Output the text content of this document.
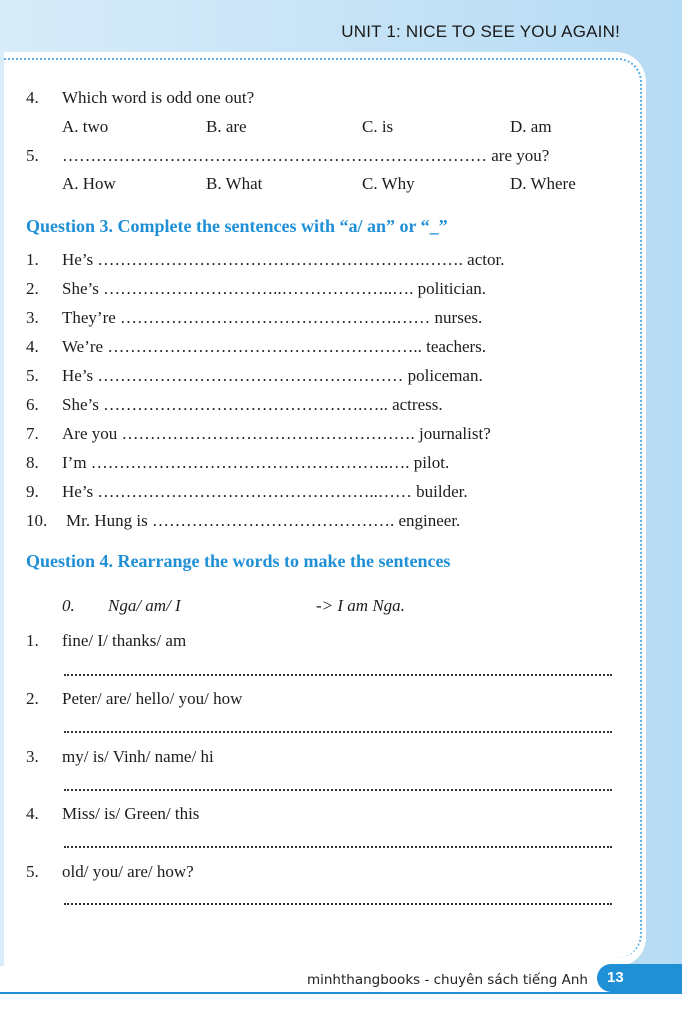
UNIT 1: NICE TO SEE YOU AGAIN!
4. Which word is odd one out?
A. two	B. are	C. is	D. am
5. ………………………………………………………………… are you?
A. How	B. What	C. Why	D. Where
Question 3. Complete the sentences with “a/ an” or “_”
1. He’s ………………………………………………….……. actor.
2. She’s …………………………..………………..…. politician.
3. They’re ………………………………………….…… nurses.
4. We’re ……………………………………………….. teachers.
5. He’s ……………………………………………… policeman.
6. She’s ……………………………………….….. actress.
7. Are you ……………………………………………. journalist?
8. I’m ……………………………………………..…. pilot.
9. He’s …………………………………………..…… builder.
10. Mr. Hung is ……………………………………. engineer.
Question 4. Rearrange the words to make the sentences
0. Nga/ am/ I	-> I am Nga.
1. fine/ I/ thanks/ am
2. Peter/ are/ hello/ you/ how
3. my/ is/ Vinh/ name/ hi
4. Miss/ is/ Green/ this
5. old/ you/ are/ how?
minhthangbooks - chuyên sách tiếng Anh	13
